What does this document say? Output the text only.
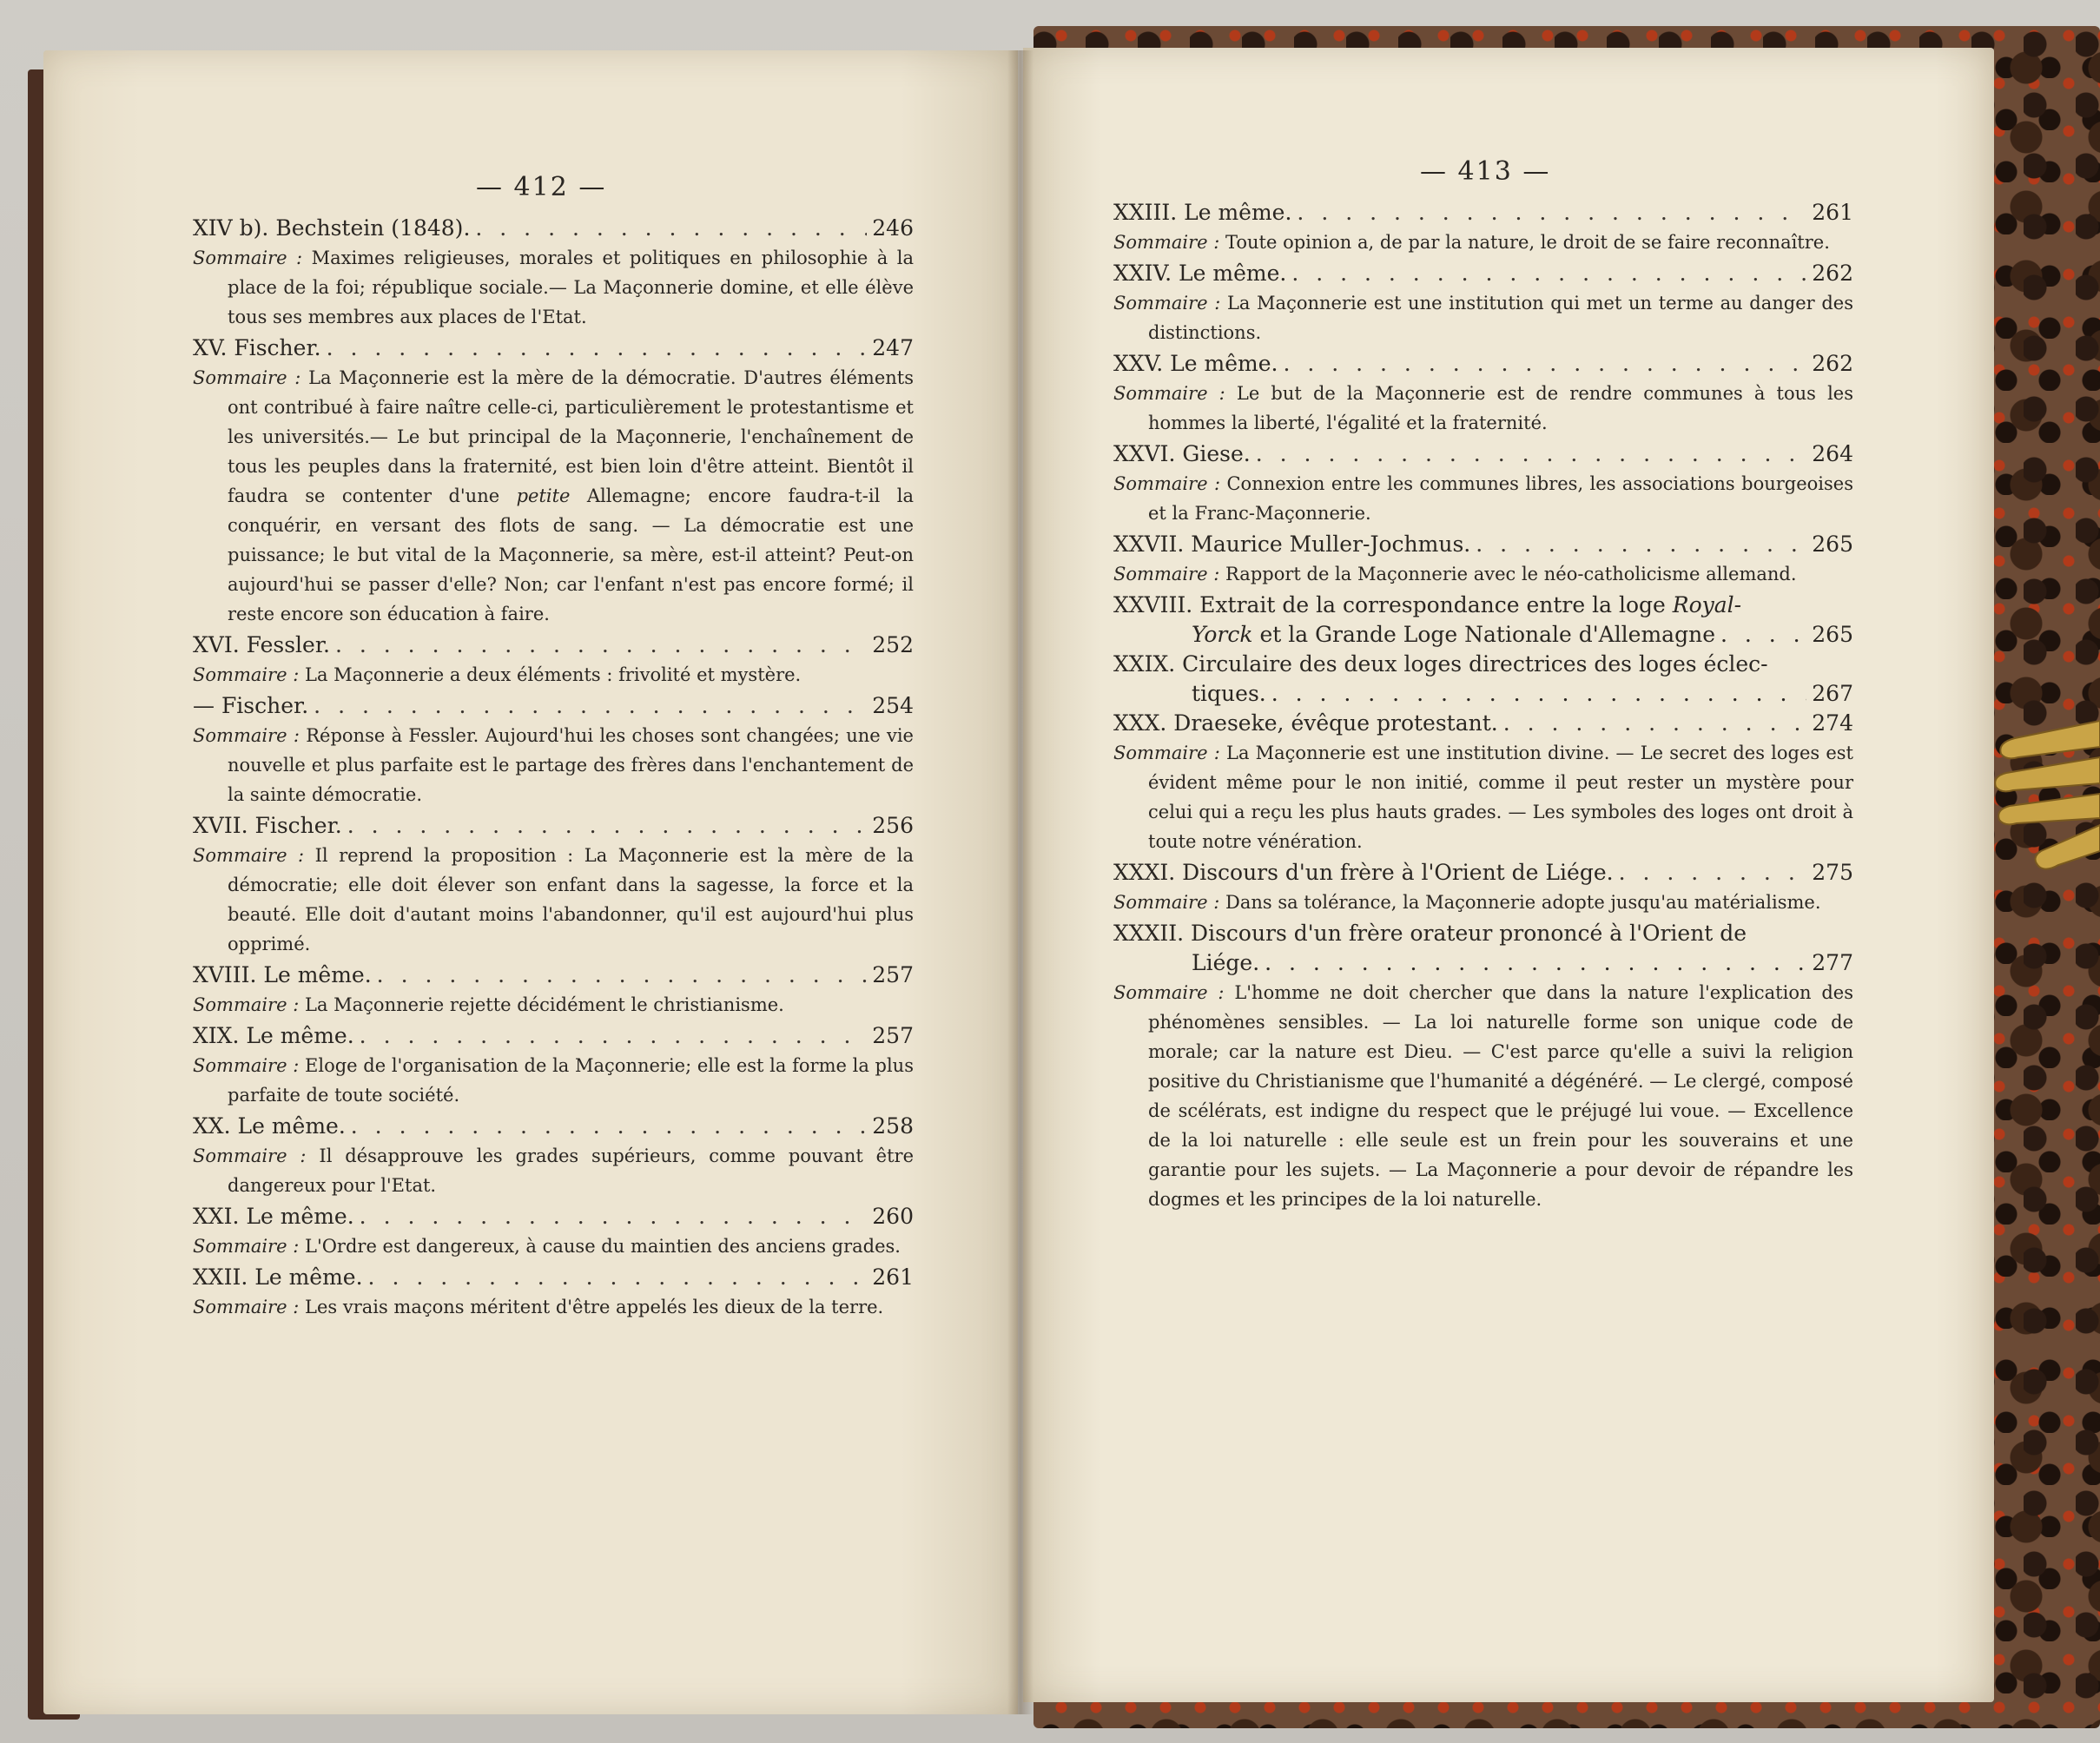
— 412 —
XIV b). Bechstein (1848). . . .	246
Sommaire : Maximes religieuses, morales et politiques en philosophie à la place de la foi; république sociale.— La Maçonnerie domine, et elle élève tous ses membres aux places de l'Etat.
XV. Fischer. . . .	247
Sommaire : La Maçonnerie est la mère de la démocratie. D'autres éléments ont contribué à faire naître celle-ci, particulièrement le protestantisme et les universités.— Le but principal de la Maçonnerie, l'enchaînement de tous les peuples dans la fraternité, est bien loin d'être atteint. Bientôt il faudra se contenter d'une petite Allemagne; encore faudra-t-il la conquérir, en versant des flots de sang. — La démocratie est une puissance; le but vital de la Maçonnerie, sa mère, est-il atteint? Peut-on aujourd'hui se passer d'elle? Non; car l'enfant n'est pas encore formé; il reste encore son éducation à faire.
XVI. Fessler. . . .	252
Sommaire : La Maçonnerie a deux éléments : frivolité et mystère.
— Fischer. . . .	254
Sommaire : Réponse à Fessler. Aujourd'hui les choses sont changées; une vie nouvelle et plus parfaite est le partage des frères dans l'enchantement de la sainte démocratie.
XVII. Fischer. . . .	256
Sommaire : Il reprend la proposition : La Maçonnerie est la mère de la démocratie; elle doit élever son enfant dans la sagesse, la force et la beauté. Elle doit d'autant moins l'abandonner, qu'il est aujourd'hui plus opprimé.
XVIII. Le même. . . .	257
Sommaire : La Maçonnerie rejette décidément le christianisme.
XIX. Le même. . . .	257
Sommaire : Eloge de l'organisation de la Maçonnerie; elle est la forme la plus parfaite de toute société.
XX. Le même. . . .	258
Sommaire : Il désapprouve les grades supérieurs, comme pouvant être dangereux pour l'Etat.
XXI. Le même. . . .	260
Sommaire : L'Ordre est dangereux, à cause du maintien des anciens grades.
XXII. Le même. . . .	261
Sommaire : Les vrais maçons méritent d'être appelés les dieux de la terre.
— 413 —
XXIII. Le même. . . .	261
Sommaire : Toute opinion a, de par la nature, le droit de se faire reconnaître.
XXIV. Le même. . . .	262
Sommaire : La Maçonnerie est une institution qui met un terme au danger des distinctions.
XXV. Le même. . . .	262
Sommaire : Le but de la Maçonnerie est de rendre communes à tous les hommes la liberté, l'égalité et la fraternité.
XXVI. Giese. . . .	264
Sommaire : Connexion entre les communes libres, les associations bourgeoises et la Franc-Maçonnerie.
XXVII. Maurice Muller-Jochmus. . . .	265
Sommaire : Rapport de la Maçonnerie avec le néo-catholicisme allemand.
XXVIII. Extrait de la correspondance entre la loge Royal-
Yorck
et la Grande Loge Nationale d'Allemagne . . .	265
XXIX. Circulaire des deux loges directrices des loges éclec-
tiques. . . .	267
XXX. Draeseke, évêque protestant. . . .	274
Sommaire : La Maçonnerie est une institution divine. — Le secret des loges est évident même pour le non initié, comme il peut rester un mystère pour celui qui a reçu les plus hauts grades. — Les symboles des loges ont droit à toute notre vénération.
XXXI. Discours d'un frère à l'Orient de Liége. . . .	275
Sommaire : Dans sa tolérance, la Maçonnerie adopte jusqu'au matérialisme.
XXXII. Discours d'un frère orateur prononcé à l'Orient de
Liége. . . .	277
Sommaire : L'homme ne doit chercher que dans la nature l'explication des phénomènes sensibles. — La loi naturelle forme son unique code de morale; car la nature est Dieu. — C'est parce qu'elle a suivi la religion positive du Christianisme que l'humanité a dégénéré. — Le clergé, composé de scélérats, est indigne du respect que le préjugé lui voue. — Excellence de la loi naturelle : elle seule est un frein pour les souverains et une garantie pour les sujets. — La Maçonnerie a pour devoir de répandre les dogmes et les principes de la loi naturelle.
